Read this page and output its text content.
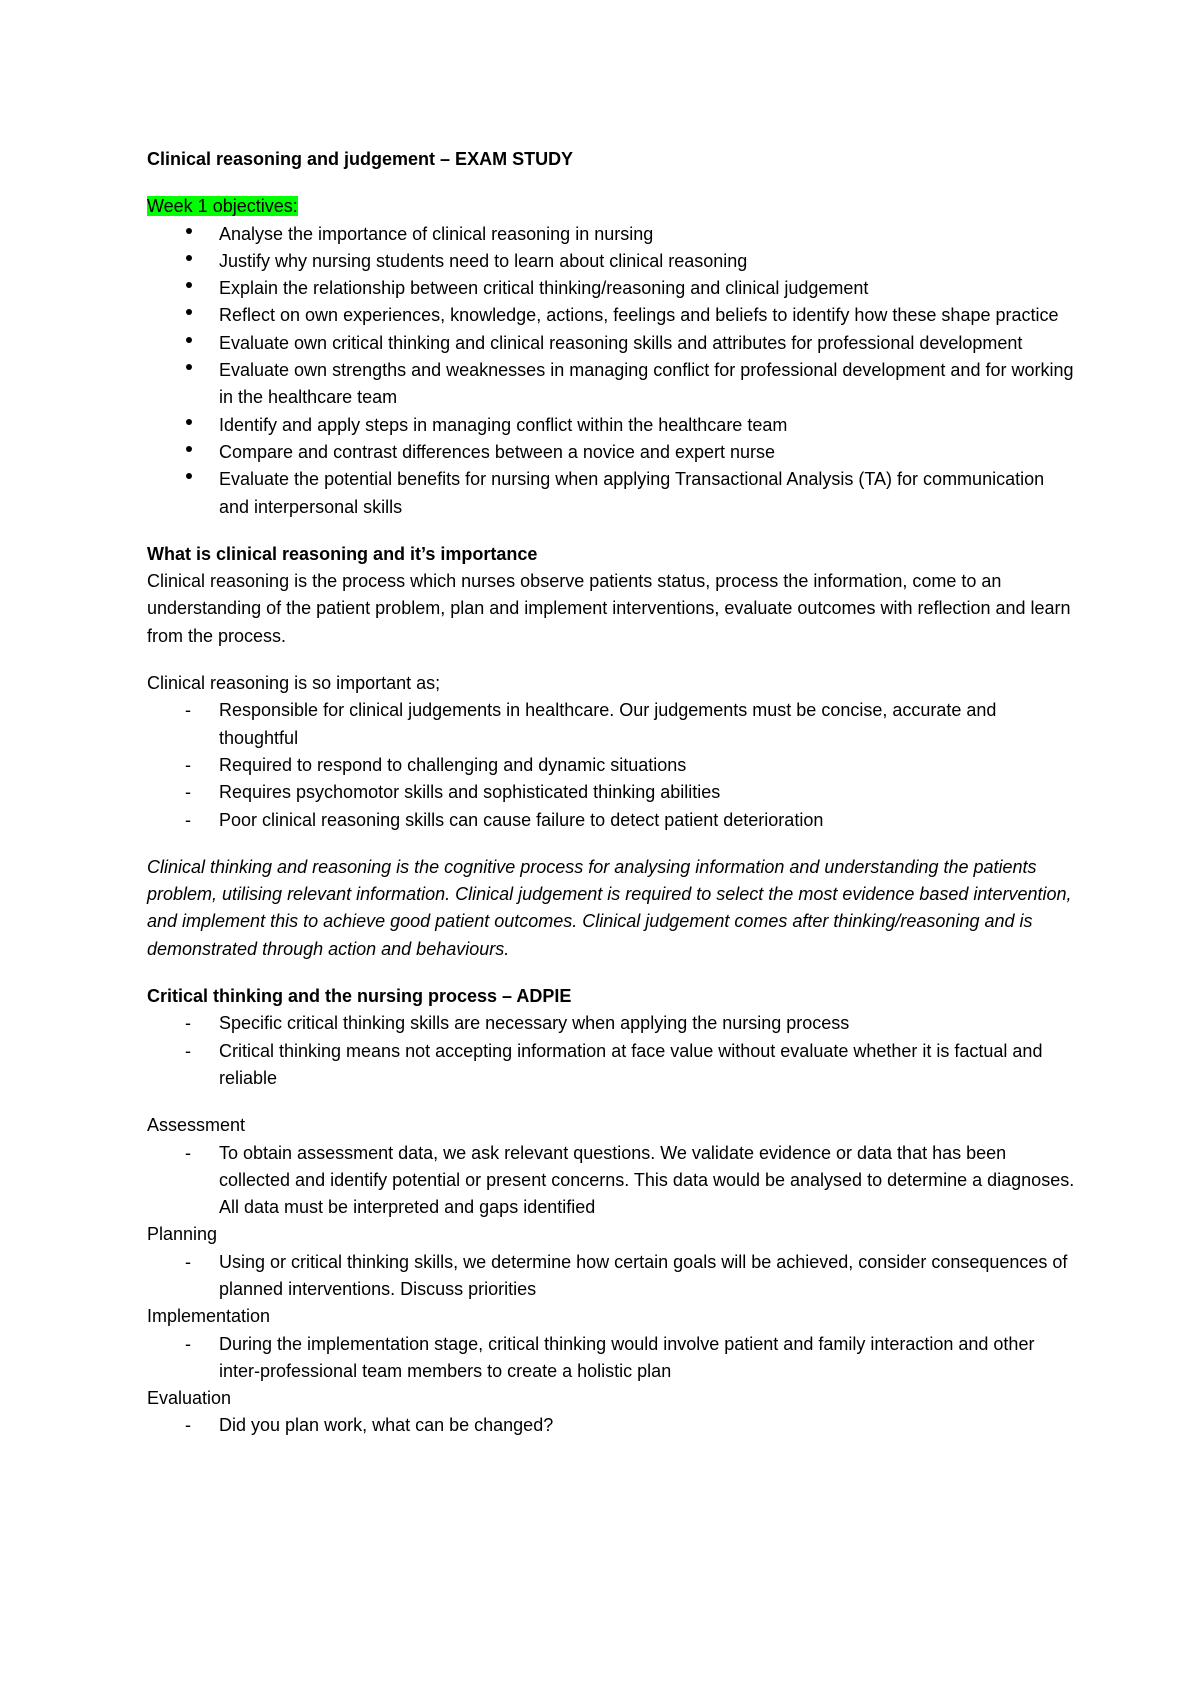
Clinical reasoning and judgement – EXAM STUDY

Week 1 objectives:

Analyse the importance of clinical reasoning in nursing
Justify why nursing students need to learn about clinical reasoning
Explain the relationship between critical thinking/reasoning and clinical judgement
Reflect on own experiences, knowledge, actions, feelings and beliefs to identify how these shape practice
Evaluate own critical thinking and clinical reasoning skills and attributes for professional development
Evaluate own strengths and weaknesses in managing conflict for professional development and for working in the healthcare team
Identify and apply steps in managing conflict within the healthcare team
Compare and contrast differences between a novice and expert nurse
Evaluate the potential benefits for nursing when applying Transactional Analysis (TA) for communication and interpersonal skills

What is clinical reasoning and it’s importance

Clinical reasoning is the process which nurses observe patients status, process the information, come to an understanding of the patient problem, plan and implement interventions, evaluate outcomes with reflection and learn from the process.

Clinical reasoning is so important as;

- Responsible for clinical judgements in healthcare. Our judgements must be concise, accurate and thoughtful
- Required to respond to challenging and dynamic situations
- Requires psychomotor skills and sophisticated thinking abilities
- Poor clinical reasoning skills can cause failure to detect patient deterioration

Clinical thinking and reasoning is the cognitive process for analysing information and understanding the patients problem, utilising relevant information. Clinical judgement is required to select the most evidence based intervention, and implement this to achieve good patient outcomes. Clinical judgement comes after thinking/reasoning and is demonstrated through action and behaviours.

Critical thinking and the nursing process – ADPIE

- Specific critical thinking skills are necessary when applying the nursing process
- Critical thinking means not accepting information at face value without evaluate whether it is factual and reliable

Assessment

- To obtain assessment data, we ask relevant questions. We validate evidence or data that has been collected and identify potential or present concerns. This data would be analysed to determine a diagnoses. All data must be interpreted and gaps identified

Planning

- Using or critical thinking skills, we determine how certain goals will be achieved, consider consequences of planned interventions. Discuss priorities

Implementation

- During the implementation stage, critical thinking would involve patient and family interaction and other inter-professional team members to create a holistic plan

Evaluation

- Did you plan work, what can be changed?
